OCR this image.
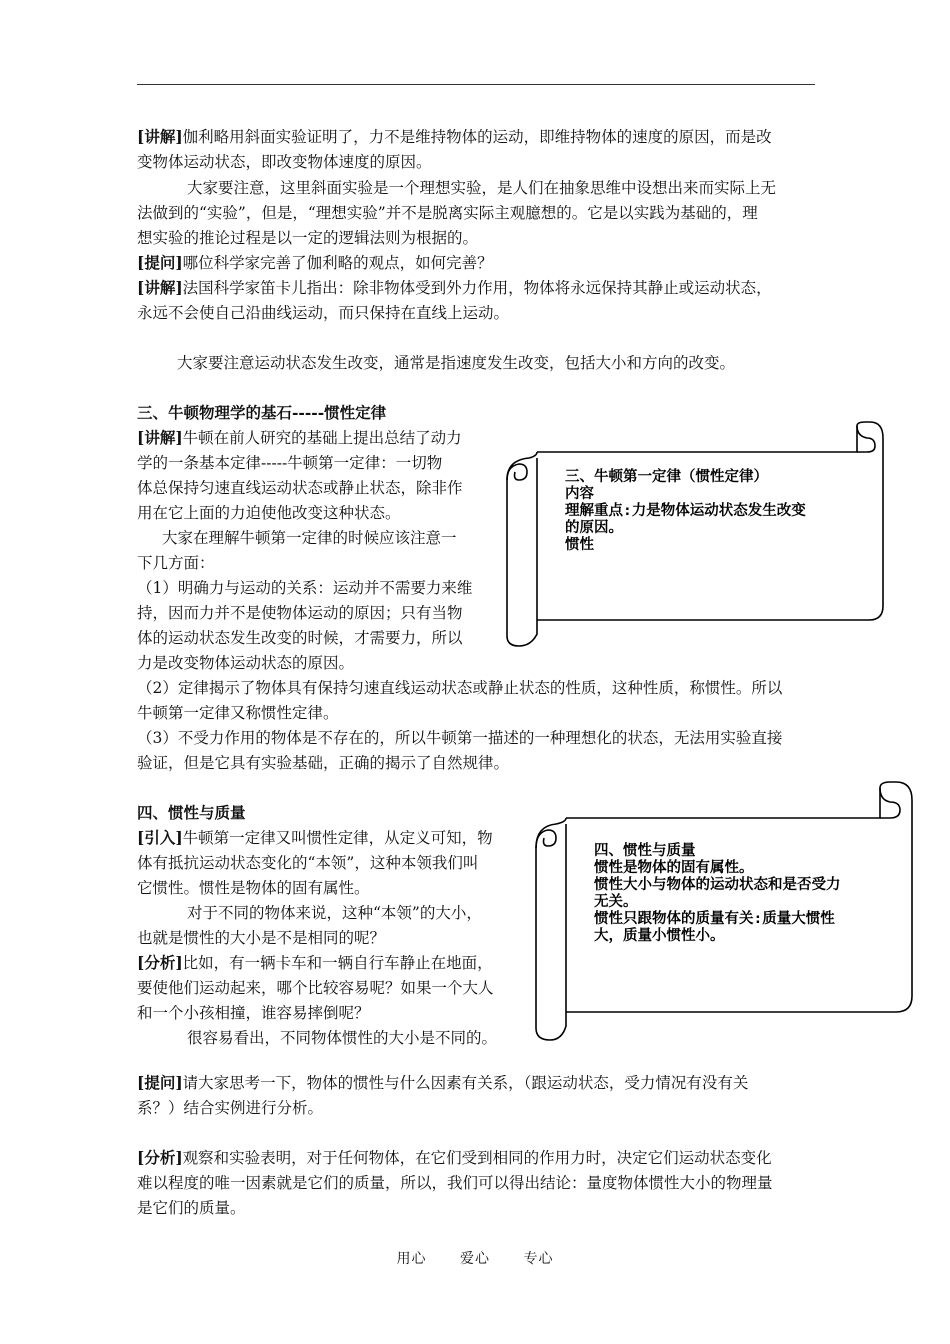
[讲解]伽利略用斜面实验证明了，力不是维持物体的运动，即维持物体的速度的原因，而是改
变物体运动状态，即改变物体速度的原因。
大家要注意，这里斜面实验是一个理想实验，是人们在抽象思维中设想出来而实际上无
法做到的“实验”，但是，“理想实验”并不是脱离实际主观臆想的。它是以实践为基础的，理
想实验的推论过程是以一定的逻辑法则为根据的。
[提问]哪位科学家完善了伽利略的观点，如何完善？
[讲解]法国科学家笛卡儿指出：除非物体受到外力作用，物体将永远保持其静止或运动状态，
永远不会使自己沿曲线运动，而只保持在直线上运动。
大家要注意运动状态发生改变，通常是指速度发生改变，包括大小和方向的改变。
三、牛顿物理学的基石-----惯性定律
[讲解]牛顿在前人研究的基础上提出总结了动力
学的一条基本定律-----牛顿第一定律：一切物
体总保持匀速直线运动状态或静止状态，除非作
用在它上面的力迫使他改变这种状态。
大家在理解牛顿第一定律的时候应该注意一
下几方面：
（1）明确力与运动的关系：运动并不需要力来维
持，因而力并不是使物体运动的原因；只有当物
体的运动状态发生改变的时候，才需要力，所以
力是改变物体运动状态的原因。
（2）定律揭示了物体具有保持匀速直线运动状态或静止状态的性质，这种性质，称惯性。所以
牛顿第一定律又称惯性定律。
（3）不受力作用的物体是不存在的，所以牛顿第一描述的一种理想化的状态，无法用实验直接
验证，但是它具有实验基础，正确的揭示了自然规律。
三、牛顿第一定律（惯性定律）
内容
理解重点:力是物体运动状态发生改变
的原因。
惯性
四、惯性与质量
[引入]牛顿第一定律又叫惯性定律，从定义可知，物
体有抵抗运动状态变化的“本领”，这种本领我们叫
它惯性。惯性是物体的固有属性。
对于不同的物体来说，这种“本领”的大小，
也就是惯性的大小是不是相同的呢？
[分析]比如，有一辆卡车和一辆自行车静止在地面，
要使他们运动起来，哪个比较容易呢？如果一个大人
和一个小孩相撞，谁容易摔倒呢？
很容易看出，不同物体惯性的大小是不同的。
四、惯性与质量
惯性是物体的固有属性。
惯性大小与物体的运动状态和是否受力
无关。
惯性只跟物体的质量有关:质量大惯性
大，质量小惯性小。
[提问]请大家思考一下，物体的惯性与什么因素有关系，（跟运动状态，受力情况有没有关
系？）结合实例进行分析。
[分析]观察和实验表明，对于任何物体，在它们受到相同的作用力时，决定它们运动状态变化
难以程度的唯一因素就是它们的质量，所以，我们可以得出结论：量度物体惯性大小的物理量
是它们的质量。
用心 爱心 专心
